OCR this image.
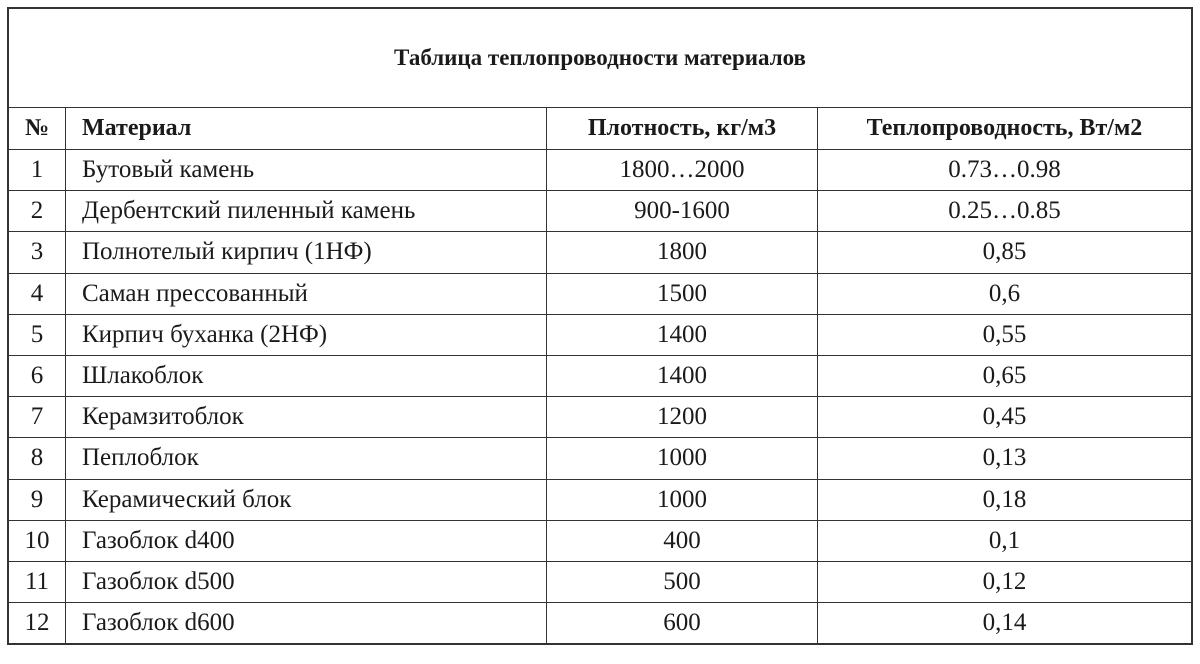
Таблица теплопроводности материалов			
№	Материал	Плотность, кг/м3	Теплопроводность, Вт/м2
1	Бутовый камень	1800…2000	0.73…0.98
2	Дербентский пиленный камень	900-1600	0.25…0.85
3	Полнотелый кирпич (1НФ)	1800	0,85
4	Саман прессованный	1500	0,6
5	Кирпич буханка (2НФ)	1400	0,55
6	Шлакоблок	1400	0,65
7	Керамзитоблок	1200	0,45
8	Пеплоблок	1000	0,13
9	Керамический блок	1000	0,18
10	Газоблок d400	400	0,1
11	Газоблок d500	500	0,12
12	Газоблок d600	600	0,14
